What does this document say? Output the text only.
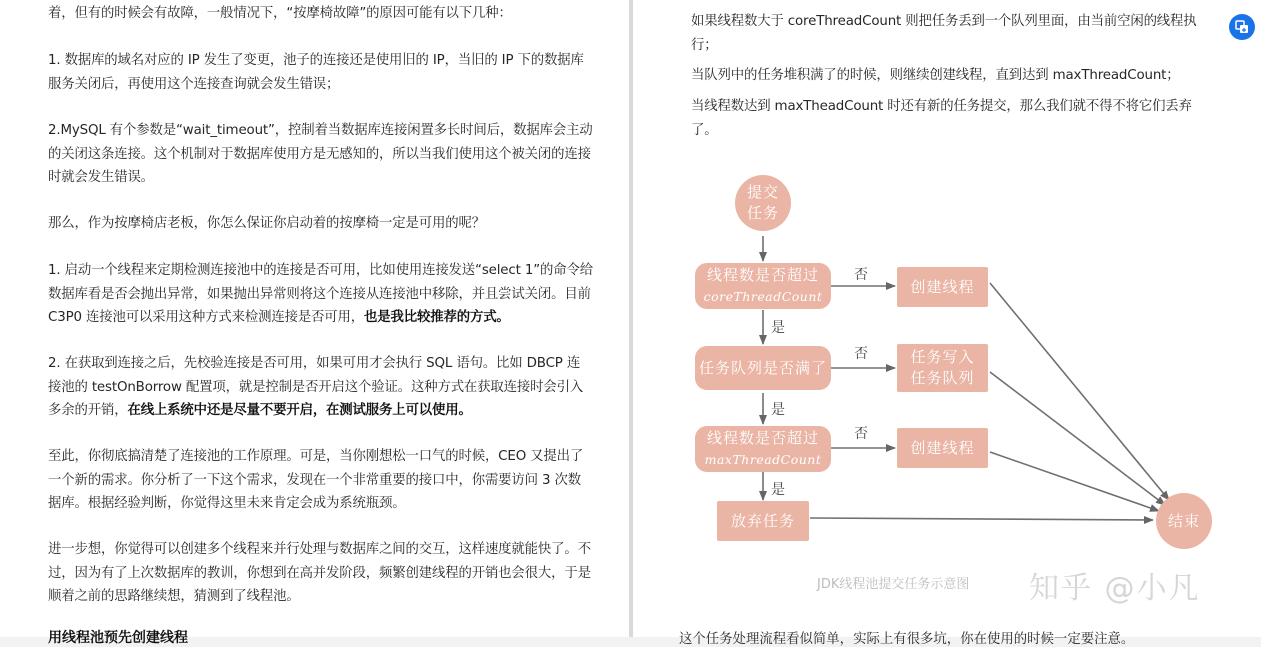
着，但有的时候会有故障，一般情况下，“按摩椅故障”的原因可能有以下几种：

1. 数据库的域名对应的 IP 发生了变更，池子的连接还是使用旧的 IP，当旧的 IP 下的数据库服务关闭后，再使用这个连接查询就会发生错误；

2.MySQL 有个参数是“wait_timeout”，控制着当数据库连接闲置多长时间后，数据库会主动的关闭这条连接。这个机制对于数据库使用方是无感知的，所以当我们使用这个被关闭的连接时就会发生错误。

那么，作为按摩椅店老板，你怎么保证你启动着的按摩椅一定是可用的呢？

1. 启动一个线程来定期检测连接池中的连接是否可用，比如使用连接发送“select 1”的命令给数据库看是否会抛出异常，如果抛出异常则将这个连接从连接池中移除，并且尝试关闭。目前 C3P0 连接池可以采用这种方式来检测连接是否可用，也是我比较推荐的方式。

2. 在获取到连接之后，先校验连接是否可用，如果可用才会执行 SQL 语句。比如 DBCP 连接池的 testOnBorrow 配置项，就是控制是否开启这个验证。这种方式在获取连接时会引入多余的开销，在线上系统中还是尽量不要开启，在测试服务上可以使用。

至此，你彻底搞清楚了连接池的工作原理。可是，当你刚想松一口气的时候，CEO 又提出了一个新的需求。你分析了一下这个需求，发现在一个非常重要的接口中，你需要访问 3 次数据库。根据经验判断，你觉得这里未来肯定会成为系统瓶颈。

进一步想，你觉得可以创建多个线程来并行处理与数据库之间的交互，这样速度就能快了。不过，因为有了上次数据库的教训，你想到在高并发阶段，频繁创建线程的开销也会很大，于是顺着之前的思路继续想，猜测到了线程池。

用线程池预先创建线程

如果线程数大于 coreThreadCount 则把任务丢到一个队列里面，由当前空闲的线程执行；

当队列中的任务堆积满了的时候，则继续创建线程，直到达到 maxThreadCount；

当线程数达到 maxTheadCount 时还有新的任务提交，那么我们就不得不将它们丢弃了。

提交
任务
线程数是否超过
coreThreadCount
创建线程
任务队列是否满了
任务写入
任务队列
线程数是否超过
maxThreadCount
创建线程
放弃任务	结束
否
否
否
是
是
是
JDK线程池提交任务示意图 知乎 @小凡
这个任务处理流程看似简单，实际上有很多坑，你在使用的时候一定要注意。
